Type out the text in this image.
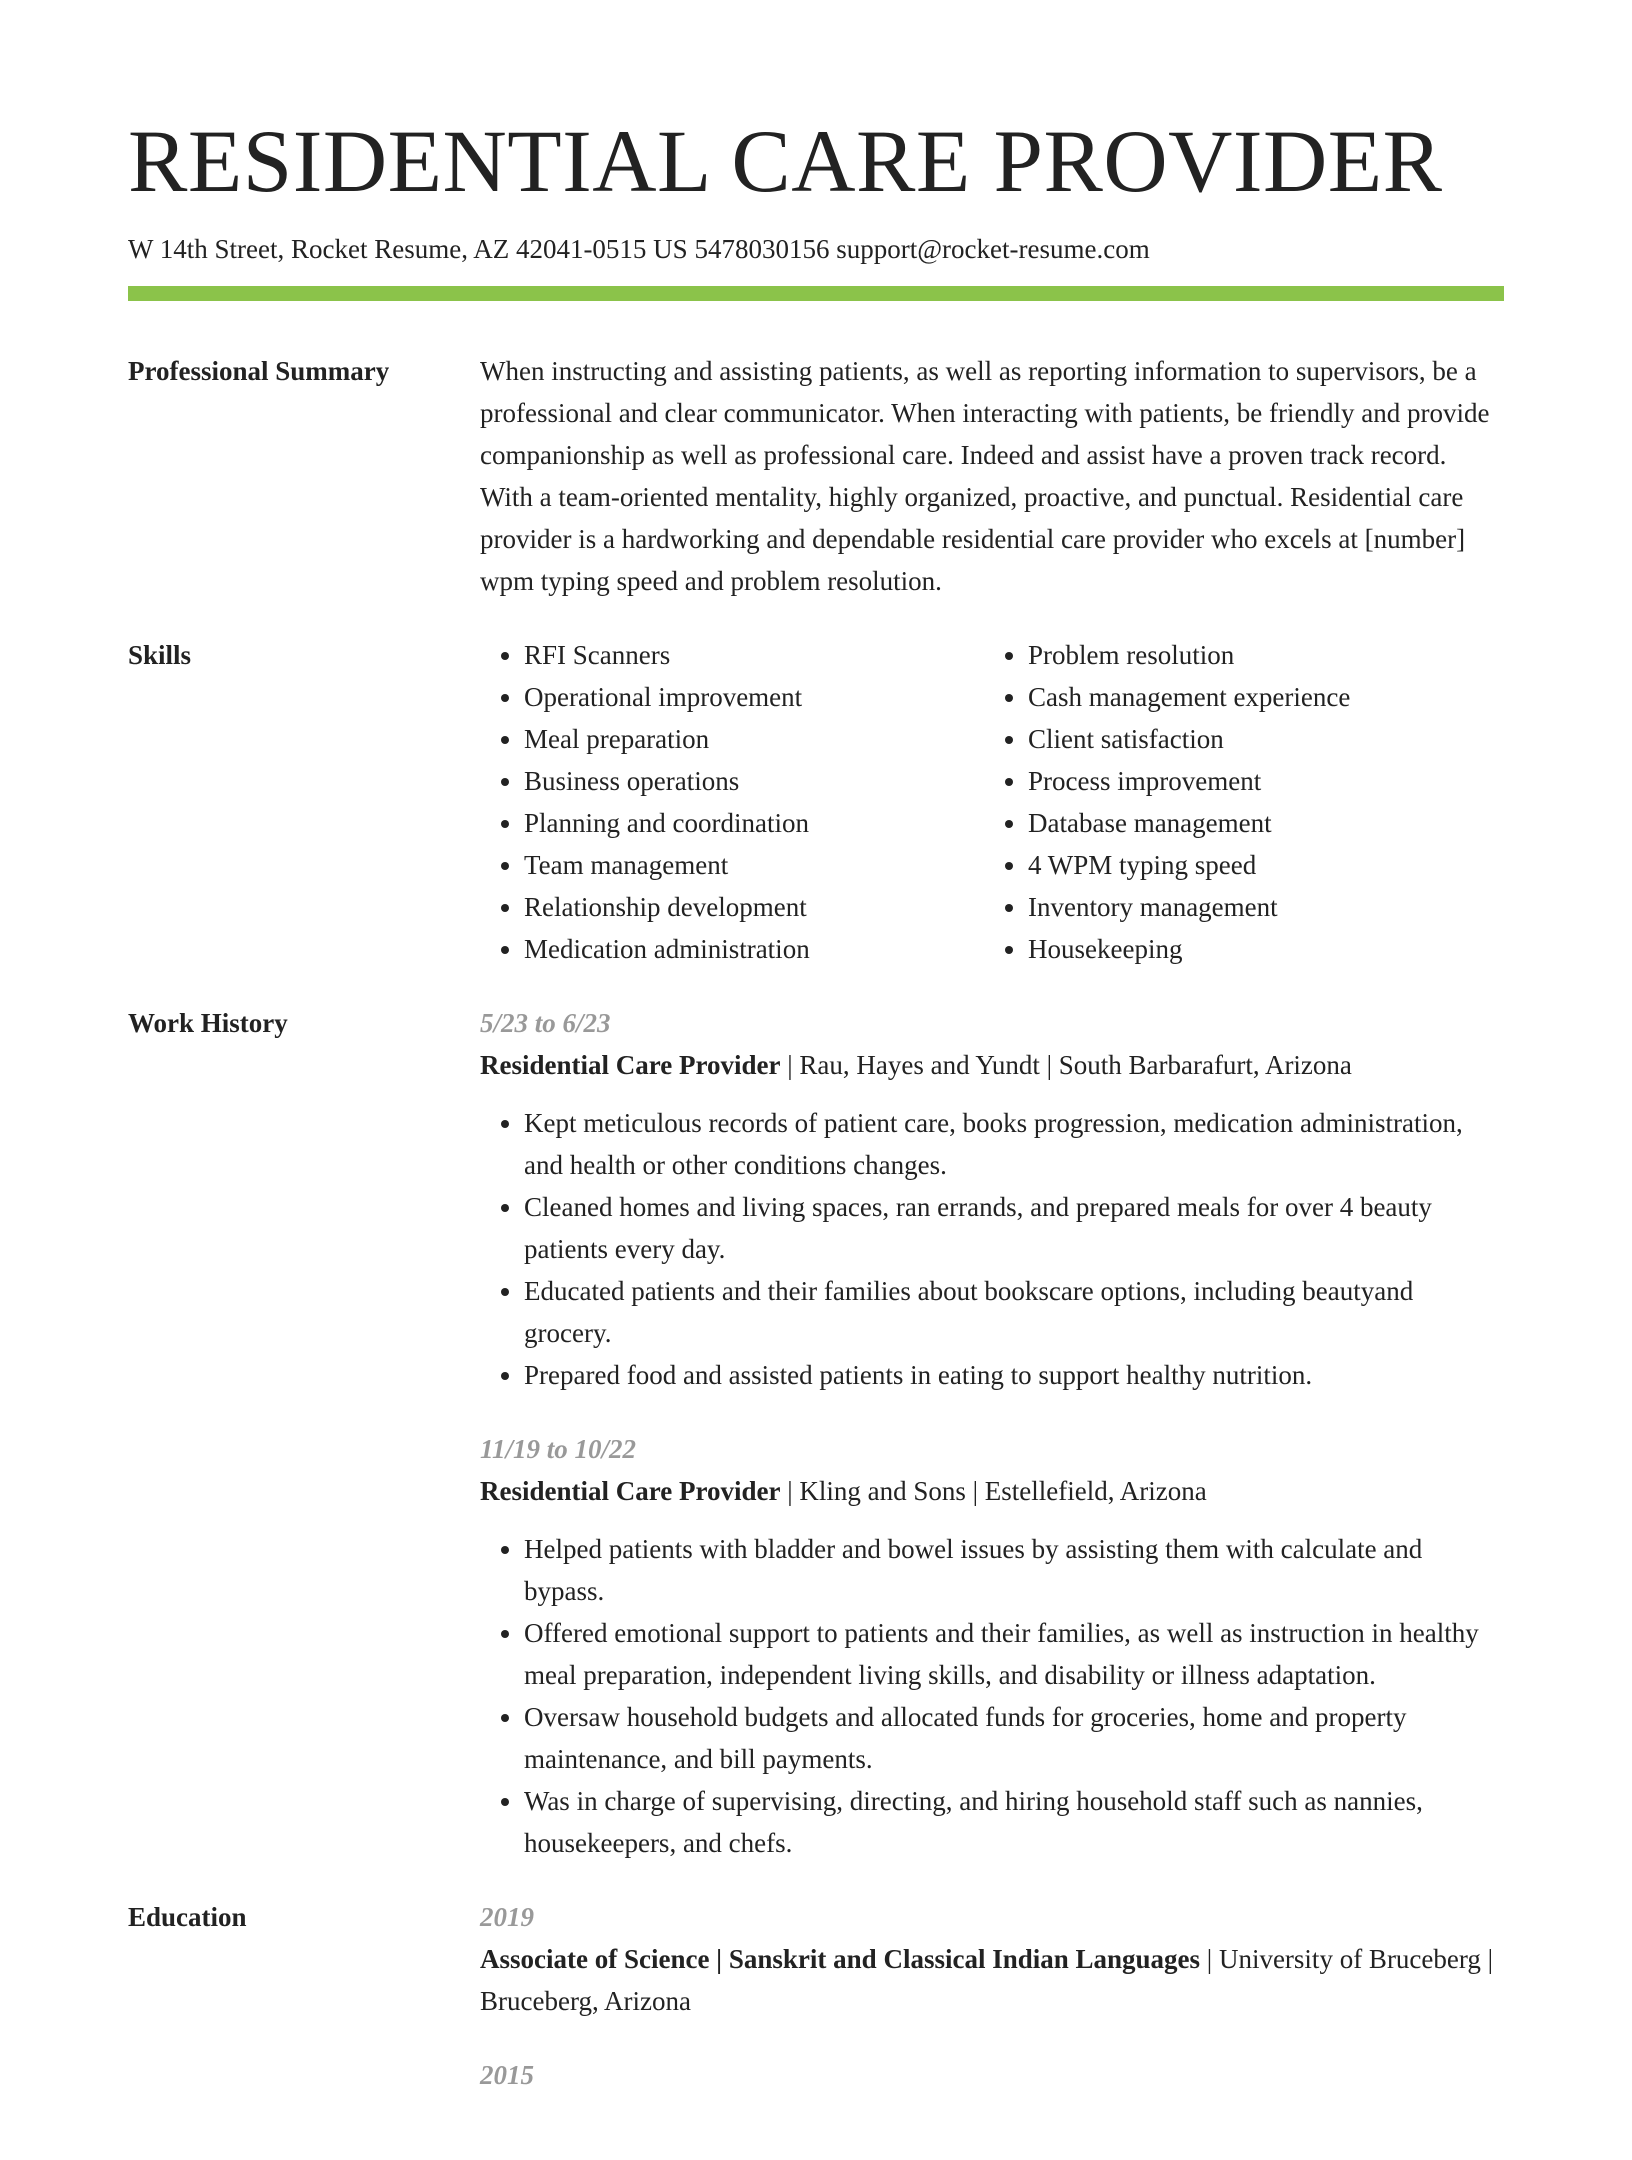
RESIDENTIAL CARE PROVIDER
W 14th Street, Rocket Resume, AZ 42041-0515 US 5478030156 support@rocket-resume.com
Professional Summary	When instructing and assisting patients, as well as reporting information to supervisors, be a professional and clear communicator. When interacting with patients, be friendly and provide companionship as well as professional care. Indeed and assist have a proven track record. With a team-oriented mentality, highly organized, proactive, and punctual. Residential care provider is a hardworking and dependable residential care provider who excels at [number] wpm typing speed and problem resolution.

Skills
•	RFI Scanners
• Operational improvement
• Meal preparation
• Business operations
• Planning and coordination
• Team management
• Relationship development
• Medication administration
• Problem resolution
• Cash management experience
• Client satisfaction
• Process improvement
• Database management
• 4 WPM typing speed
• Inventory management
• Housekeeping
Work History	5/23 to 6/23
Residential Care Provider | Rau, Hayes and Yundt | South Barbarafurt, Arizona
• Kept meticulous records of patient care, books progression, medication administration, and health or other conditions changes.
• Cleaned homes and living spaces, ran errands, and prepared meals for over 4 beauty patients every day.
• Educated patients and their families about bookscare options, including beautyand grocery.
• Prepared food and assisted patients in eating to support healthy nutrition.
11/19 to 10/22
Residential Care Provider | Kling and Sons | Estellefield, Arizona
• Helped patients with bladder and bowel issues by assisting them with calculate and bypass.
• Offered emotional support to patients and their families, as well as instruction in healthy meal preparation, independent living skills, and disability or illness adaptation.
• Oversaw household budgets and allocated funds for groceries, home and property maintenance, and bill payments.
• Was in charge of supervising, directing, and hiring household staff such as nannies, housekeepers, and chefs.
Education	2019
Associate of Science | Sanskrit and Classical Indian Languages | University of Bruceberg | Bruceberg, Arizona
2015
